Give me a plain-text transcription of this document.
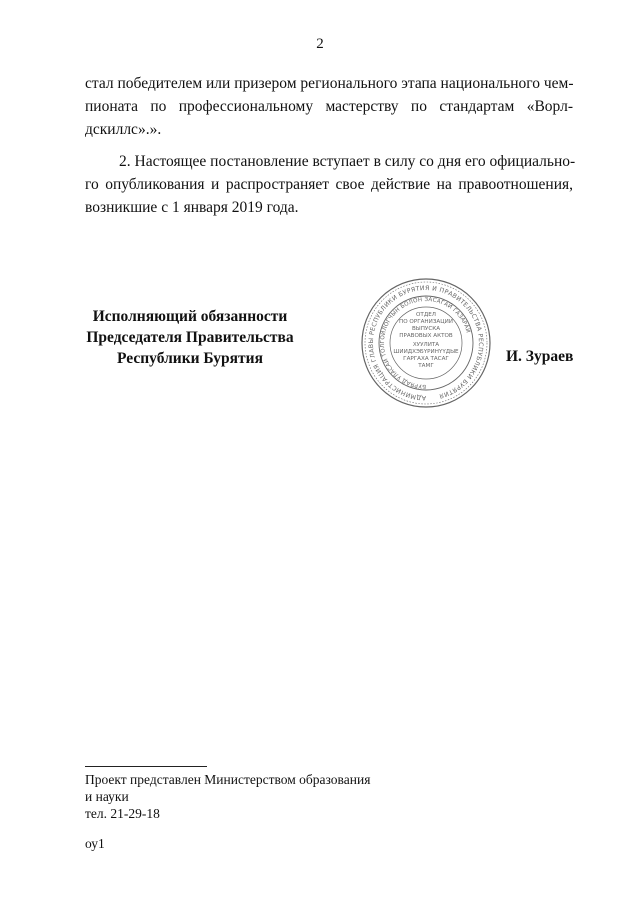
2
стал победителем или призером регионального этапа национального чем-
пионата по профессиональному мастерству по стандартам «Ворл-
дскиллс».».
2. Настоящее постановление вступает в силу со дня его официально-
го опубликования и распространяет свое действие на правоотношения,
возникшие с 1 января 2019 года.
Исполняющий обязанности
Председателя Правительства
Республики Бурятия
АДМИНИСТРАЦИЯ ГЛАВЫ РЕСПУБЛИКИ БУРЯТИЯ И ПРАВИТЕЛЬСТВА РЕСПУБЛИКИ БУРЯТИЯ
БУРЯАД УЛАСАЙ ТОЛГОЙЛОГЧЫН БОЛОН ЗАСАГАЙ ГАЗАРАЙ
ОТДЕЛ
ПО ОРГАНИЗАЦИИ
ВЫПУСКА
ПРАВОВЫХ АКТОВ
ХУУЛИТА
ШИИДХЭБҮРИНҮҮДЫЕ
ГАРГАХА ТАСАГ
ТАМГ
И. Зураев
Проект представлен Министерством образования
и науки
тел. 21-29-18
оу1
